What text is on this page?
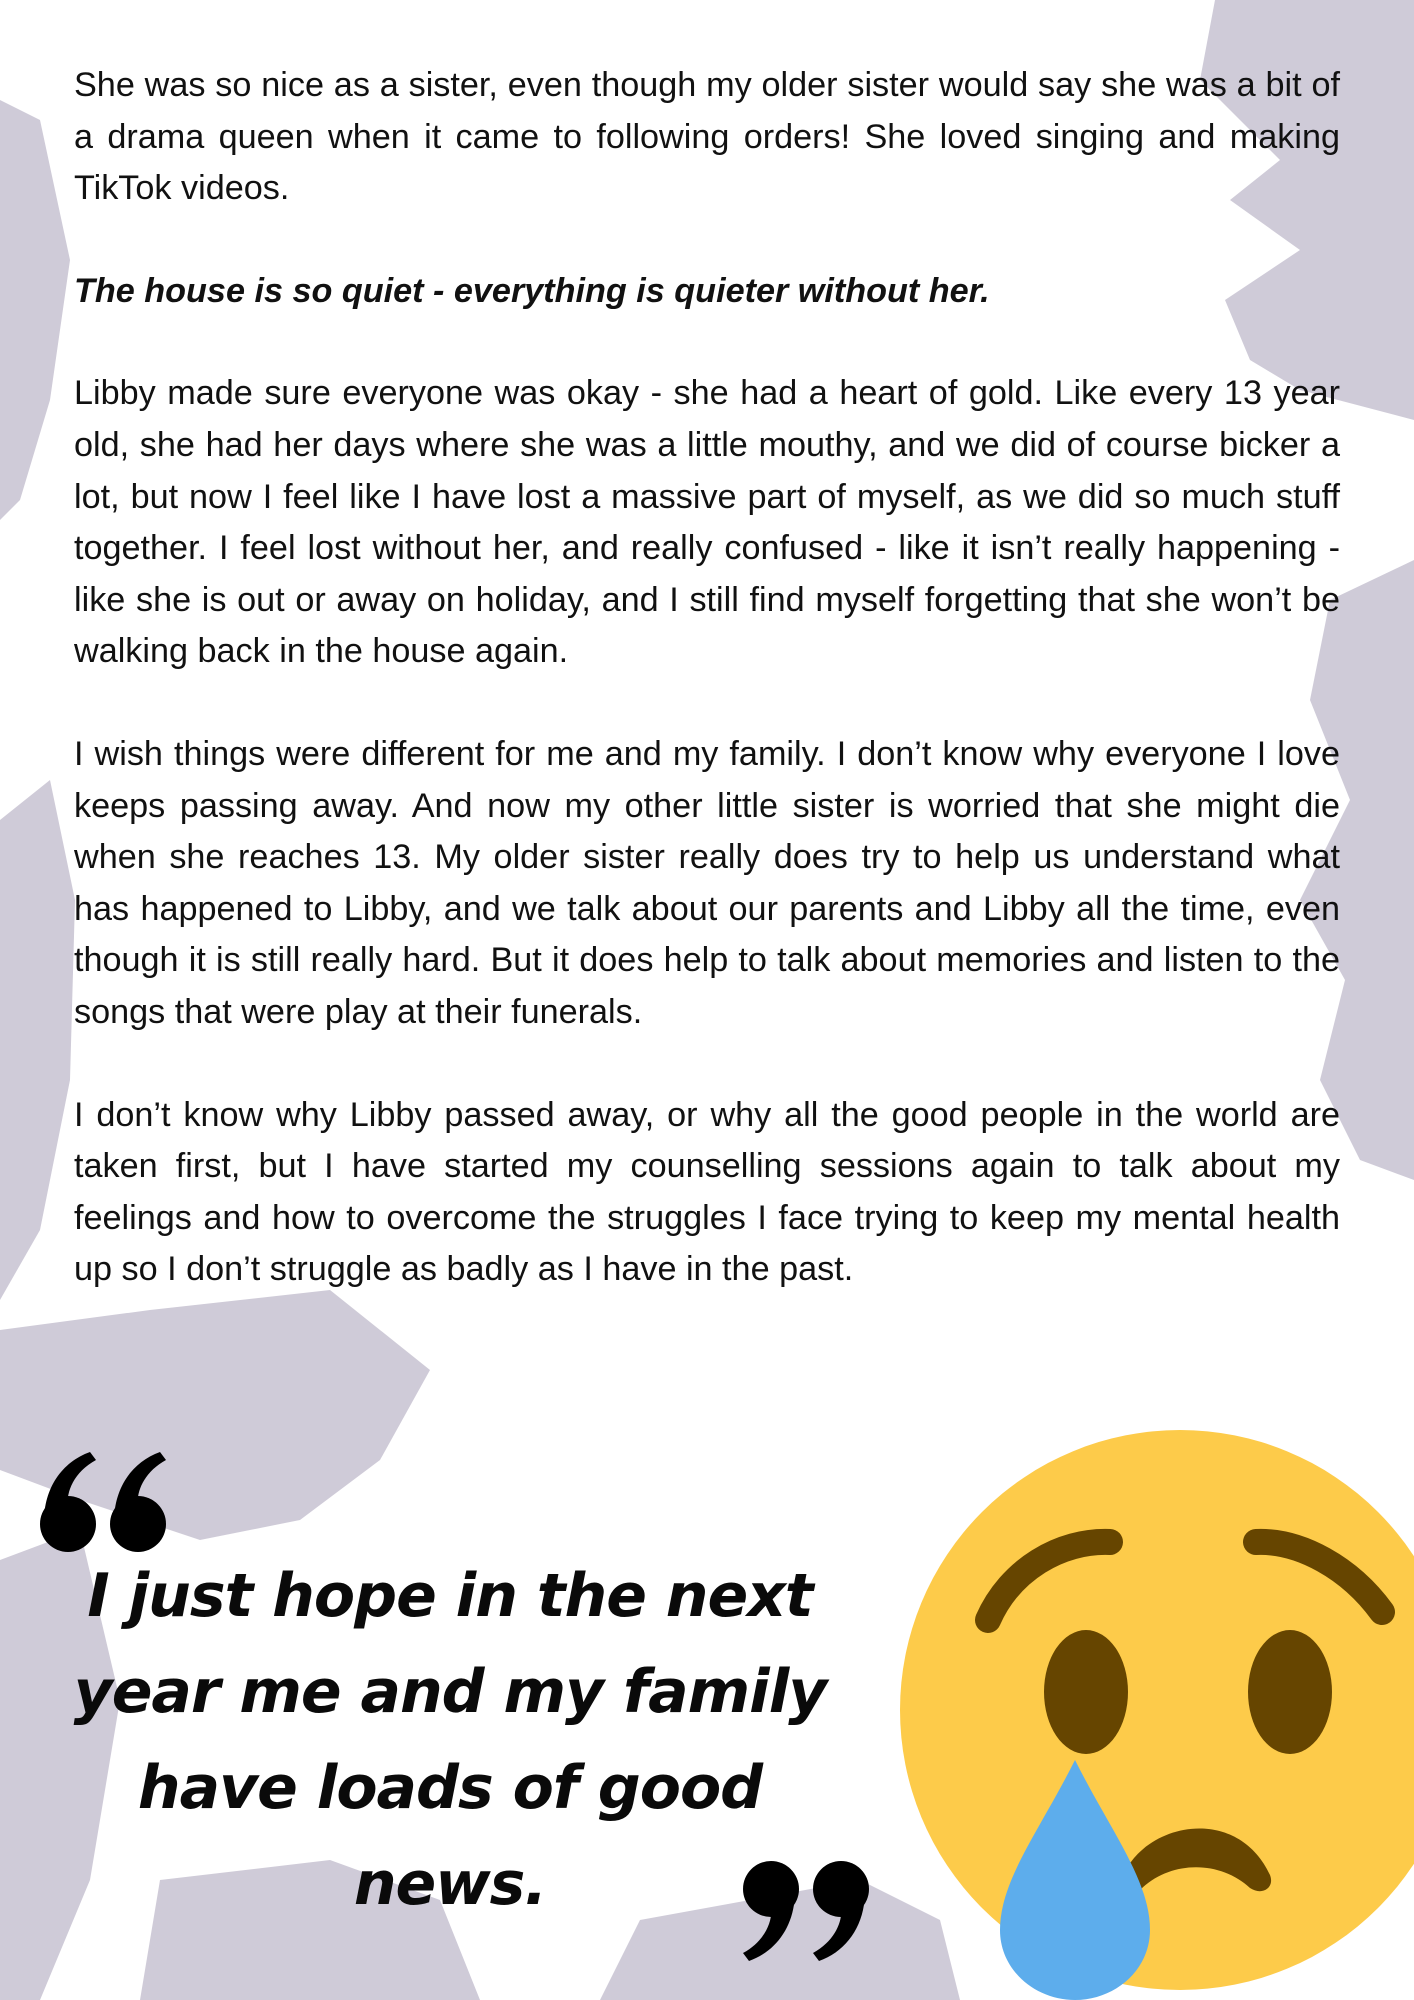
She was so nice as a sister, even though my older sister would say she was a bit of a drama queen when it came to following orders! She loved singing and making TikTok videos.

The house is so quiet - everything is quieter without her.

Libby made sure everyone was okay - she had a heart of gold. Like every 13 year old, she had her days where she was a little mouthy, and we did of course bicker a lot, but now I feel like I have lost a massive part of myself, as we did so much stuff together. I feel lost without her, and really confused - like it isn’t really happening - like she is out or away on holiday, and I still find myself forgetting that she won’t be walking back in the house again.

I wish things were different for me and my family. I don’t know why everyone I love keeps passing away. And now my other little sister is worried that she might die when she reaches 13. My older sister really does try to help us understand what has happened to Libby, and we talk about our parents and Libby all the time, even though it is still really hard. But it does help to talk about memories and listen to the songs that were play at their funerals.

I don’t know why Libby passed away, or why all the good people in the world are taken first, but I have started my counselling sessions again to talk about my feelings and how to overcome the struggles I face trying to keep my mental health up so I don’t struggle as badly as I have in the past.

I just hope in the next year me and my family have loads of good news.
